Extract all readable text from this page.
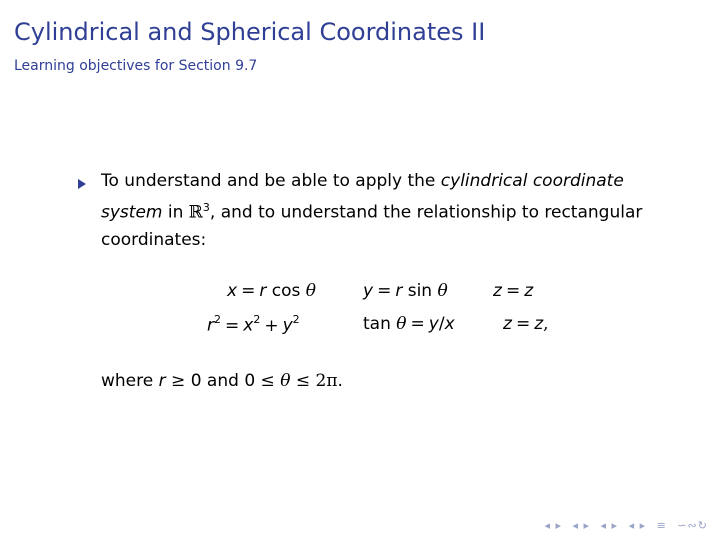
Cylindrical and Spherical Coordinates II
Learning objectives for Section 9.7
To understand and be able to apply the cylindrical coordinate
system in ℝ$^3$, and to understand the relationship to rectangular
coordinates:
x = r cos θ	y = r sin θ	z = z
$r^2 = x^2 + y^2$	tan θ = y/x	z = z,
where r ≥ 0 and 0 ≤ θ ≤ 2π.
◂ ▸ ◂ ▸ ◂ ▸ ◂ ▸ ≡ ∽∾↻
